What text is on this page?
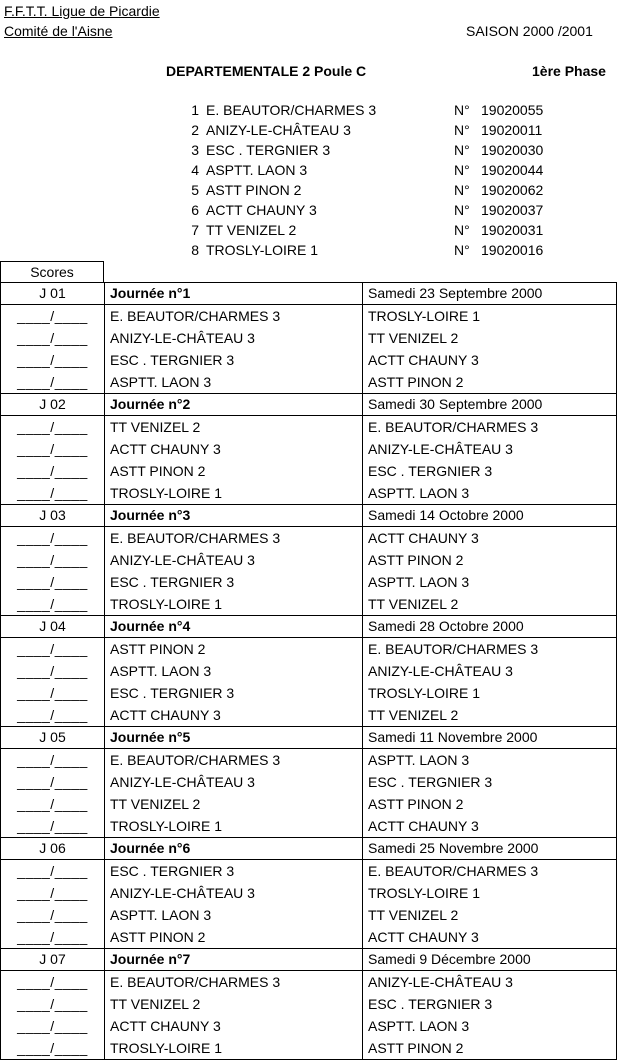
F.F.T.T. Ligue de Picardie
Comité de l'Aisne	SAISON 2000 /2001
DEPARTEMENTALE 2 Poule C	1ère Phase
1 E. BEAUTOR/CHARMES 3	N° 19020055
2 ANIZY-LE-CHÂTEAU 3	N° 19020011
3 ESC . TERGNIER 3	N° 19020030
4 ASPTT. LAON 3	N° 19020044
5 ASTT PINON 2	N° 19020062
6 ACTT CHAUNY 3	N° 19020037
7 TT VENIZEL 2	N° 19020031
8 TROSLY-LOIRE 1	N° 19020016
Scores
J 01	Journée n°1	Samedi 23 Septembre 2000
____/____	E. BEAUTOR/CHARMES 3	TROSLY-LOIRE 1
____/____	ANIZY-LE-CHÂTEAU 3	TT VENIZEL 2
____/____	ESC . TERGNIER 3	ACTT CHAUNY 3
____/____	ASPTT. LAON 3	ASTT PINON 2
J 02	Journée n°2	Samedi 30 Septembre 2000
____/____	TT VENIZEL 2	E. BEAUTOR/CHARMES 3
____/____	ACTT CHAUNY 3	ANIZY-LE-CHÂTEAU 3
____/____	ASTT PINON 2	ESC . TERGNIER 3
____/____	TROSLY-LOIRE 1	ASPTT. LAON 3
J 03	Journée n°3	Samedi 14 Octobre 2000
____/____	E. BEAUTOR/CHARMES 3	ACTT CHAUNY 3
____/____	ANIZY-LE-CHÂTEAU 3	ASTT PINON 2
____/____	ESC . TERGNIER 3	ASPTT. LAON 3
____/____	TROSLY-LOIRE 1	TT VENIZEL 2
J 04	Journée n°4	Samedi 28 Octobre 2000
____/____	ASTT PINON 2	E. BEAUTOR/CHARMES 3
____/____	ASPTT. LAON 3	ANIZY-LE-CHÂTEAU 3
____/____	ESC . TERGNIER 3	TROSLY-LOIRE 1
____/____	ACTT CHAUNY 3	TT VENIZEL 2
J 05	Journée n°5	Samedi 11 Novembre 2000
____/____	E. BEAUTOR/CHARMES 3	ASPTT. LAON 3
____/____	ANIZY-LE-CHÂTEAU 3	ESC . TERGNIER 3
____/____	TT VENIZEL 2	ASTT PINON 2
____/____	TROSLY-LOIRE 1	ACTT CHAUNY 3
J 06	Journée n°6	Samedi 25 Novembre 2000
____/____	ESC . TERGNIER 3	E. BEAUTOR/CHARMES 3
____/____	ANIZY-LE-CHÂTEAU 3	TROSLY-LOIRE 1
____/____	ASPTT. LAON 3	TT VENIZEL 2
____/____	ASTT PINON 2	ACTT CHAUNY 3
J 07	Journée n°7	Samedi 9 Décembre 2000
____/____	E. BEAUTOR/CHARMES 3	ANIZY-LE-CHÂTEAU 3
____/____	TT VENIZEL 2	ESC . TERGNIER 3
____/____	ACTT CHAUNY 3	ASPTT. LAON 3
____/____	TROSLY-LOIRE 1	ASTT PINON 2
